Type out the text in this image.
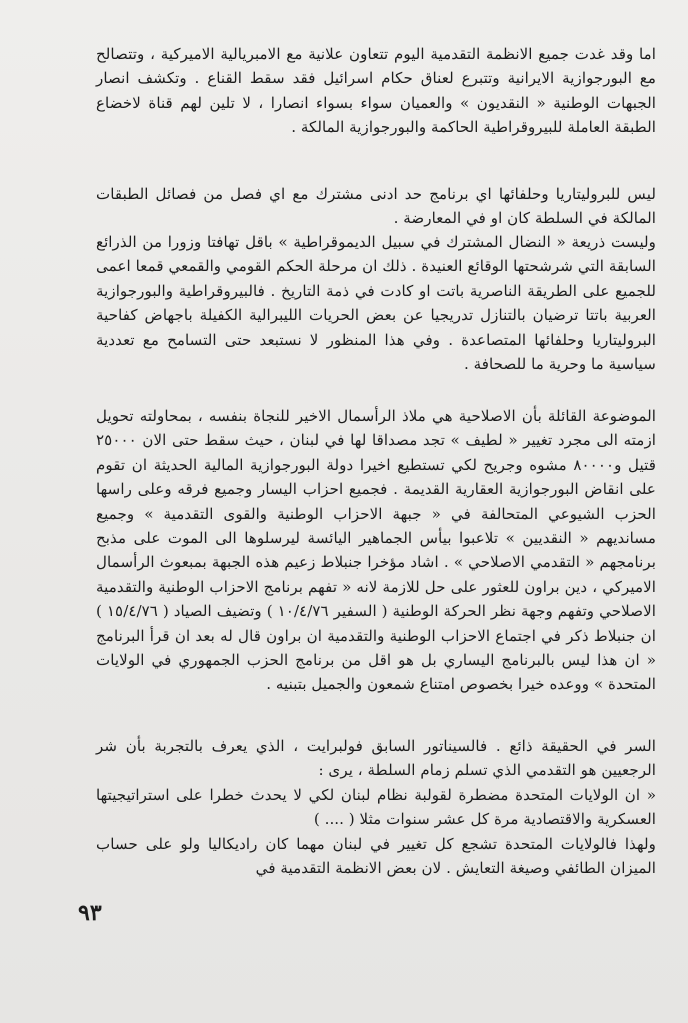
اما وقد غدت جميع الانظمة التقدمية اليوم تتعاون علانية مع الامبريالية الاميركية ، وتتصالح مع البورجوازية الايرانية وتتبرع لعناق حكام اسرائيل فقد سقط القناع . وتكشف انصار الجبهات الوطنية « النقديون » والعميان سواء بسواء انصارا ، لا تلين لهم قناة لاخضاع الطبقة العاملة للبيروقراطية الحاكمة والبورجوازية المالكة .

ليس للبروليتاريا وحلفائها اي برنامج حد ادنى مشترك مع اي فصل من فصائل الطبقات المالكة في السلطة كان او في المعارضة .

وليست ذريعة « النضال المشترك في سبيل الديموقراطية » باقل تهافتا وزورا من الذرائع السابقة التي شرشحتها الوقائع العنيدة . ذلك ان مرحلة الحكم القومي والقمعي قمعا اعمى للجميع على الطريقة الناصرية باتت او كادت في ذمة التاريخ . فالبيروقراطية والبورجوازية العربية باتتا ترضيان بالتنازل تدريجيا عن بعض الحريات الليبرالية الكفيلة باجهاض كفاحية البروليتاريا وحلفائها المتصاعدة . وفي هذا المنظور لا نستبعد حتى التسامح مع تعددية سياسية ما وحرية ما للصحافة .

الموضوعة القائلة بأن الاصلاحية هي ملاذ الرأسمال الاخير للنجاة بنفسه ، بمحاولته تحويل ازمته الى مجرد تغيير « لطيف » تجد مصداقا لها في لبنان ، حيث سقط حتى الان ٢٥٠٠٠ قتيل و٨٠٠٠٠ مشوه وجريح لكي تستطيع اخيرا دولة البورجوازية المالية الحديثة ان تقوم على انقاض البورجوازية العقارية القديمة . فجميع احزاب اليسار وجميع فرقه وعلى راسها الحزب الشيوعي المتحالفة في « جبهة الاحزاب الوطنية والقوى التقدمية » وجميع مسانديهم « النقديين » تلاعبوا بيأس الجماهير اليائسة ليرسلوها الى الموت على مذبح برنامجهم « التقدمي الاصلاحي » . اشاد مؤخرا جنبلاط زعيم هذه الجبهة بمبعوث الرأسمال الاميركي ، دين براون للعثور على حل للازمة لانه « تفهم برنامج الاحزاب الوطنية والتقدمية الاصلاحي وتفهم وجهة نظر الحركة الوطنية ( السفير ١٠/٤/٧٦ ) وتضيف الصياد ( ١٥/٤/٧٦ ) ان جنبلاط ذكر في اجتماع الاحزاب الوطنية والتقدمية ان براون قال له بعد ان قرأ البرنامج « ان هذا ليس بالبرنامج اليساري بل هو اقل من برنامج الحزب الجمهوري في الولايات المتحدة » ووعده خيرا بخصوص امتناع شمعون والجميل بتبنيه .

السر في الحقيقة ذائع . فالسيناتور السابق فولبرايت ، الذي يعرف بالتجربة بأن شر الرجعيين هو التقدمي الذي تسلم زمام السلطة ، يرى :
« ان الولايات المتحدة مضطرة لقولبة نظام لبنان لكي لا يحدث خطرا على استراتيجيتها العسكرية والاقتصادية مرة كل عشر سنوات مثلا ( .... )
ولهذا فالولايات المتحدة تشجع كل تغيير في لبنان مهما كان راديكاليا ولو على حساب الميزان الطائفي وصيغة التعايش . لان بعض الانظمة التقدمية في
٩٣
